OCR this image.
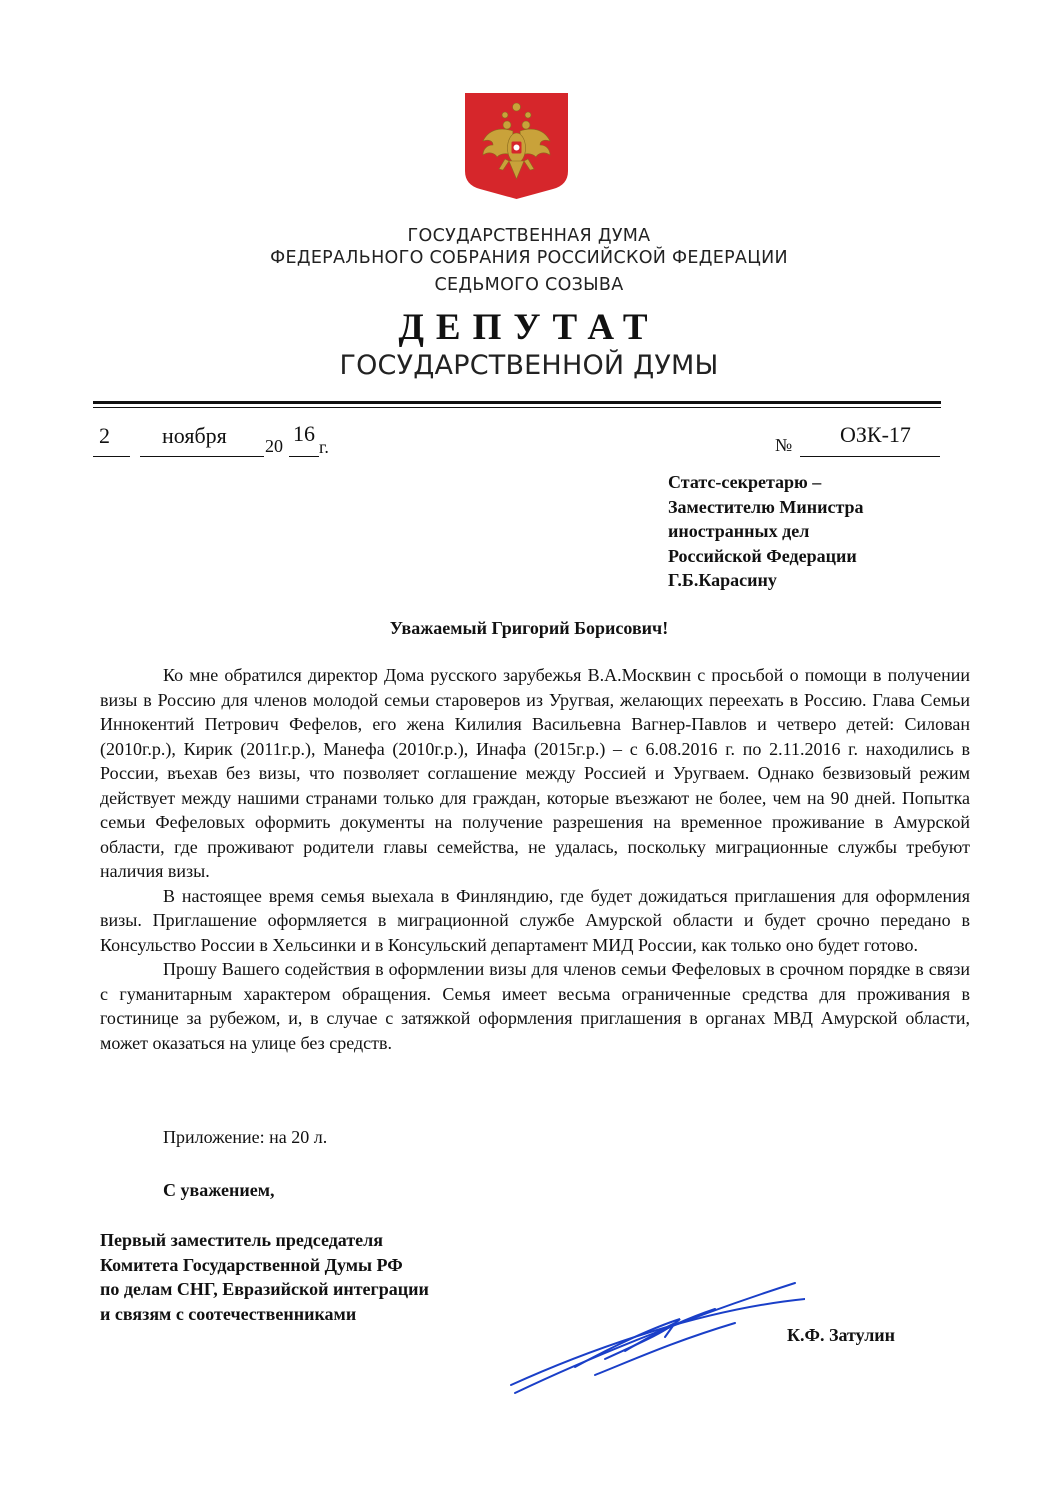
ГОСУДАРСТВЕННАЯ ДУМА
ФЕДЕРАЛЬНОГО СОБРАНИЯ РОССИЙСКОЙ ФЕДЕРАЦИИ
СЕДЬМОГО СОЗЫВА
ДЕПУТАТ
ГОСУДАРСТВЕННОЙ ДУМЫ
2 ноября 20 16
г.	№ ОЗК-17
Статс-секретарю –
Заместителю Министра
иностранных дел
Российской Федерации
Г.Б.Карасину
Уважаемый Григорий Борисович!

Ко мне обратился директор Дома русского зарубежья В.А.Москвин с просьбой о помощи в получении визы в Россию для членов молодой семьи староверов из Уругвая, желающих переехать в Россию. Глава Семьи Иннокентий Петрович Фефелов, его жена Килилия Васильевна Вагнер-Павлов и четверо детей: Силован (2010г.р.), Кирик (2011г.р.), Манефа (2010г.р.), Инафа (2015г.р.) – с 6.08.2016 г. по 2.11.2016 г. находились в России, въехав без визы, что позволяет соглашение между Россией и Уругваем. Однако безвизовый режим действует между нашими странами только для граждан, которые въезжают не более, чем на 90 дней. Попытка семьи Фефеловых оформить документы на получение разрешения на временное проживание в Амурской области, где проживают родители главы семейства, не удалась, поскольку миграционные службы требуют наличия визы.

В настоящее время семья выехала в Финляндию, где будет дожидаться приглашения для оформления визы. Приглашение оформляется в миграционной службе Амурской области и будет срочно передано в Консульство России в Хельсинки и в Консульский департамент МИД России, как только оно будет готово.

Прошу Вашего содействия в оформлении визы для членов семьи Фефеловых в срочном порядке в связи с гуманитарным характером обращения. Семья имеет весьма ограниченные средства для проживания в гостинице за рубежом, и, в случае с затяжкой оформления приглашения в органах МВД Амурской области, может оказаться на улице без средств.

Приложение: на 20 л.
С уважением,
Первый заместитель председателя
Комитета Государственной Думы РФ
по делам СНГ, Евразийской интеграции
и связям с соотечественниками
К.Ф. Затулин
